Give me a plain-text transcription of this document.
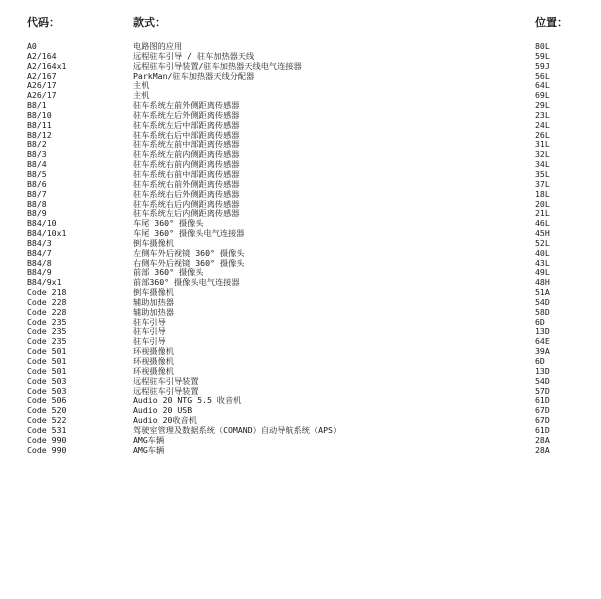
代码：	款式：	位置：
A0	电路图的应用	80L
A2/164	远程驻车引导 / 驻车加热器天线	59L
A2/164x1	远程驻车引导装置/驻车加热器天线电气连接器	59J
A2/167	ParkMan/驻车加热器天线分配器	56L
A26/17	主机	64L
A26/17	主机	69L
B8/1	驻车系统左前外侧距离传感器	29L
B8/10	驻车系统左后外侧距离传感器	23L
B8/11	驻车系统左后中部距离传感器	24L
B8/12	驻车系统右后中部距离传感器	26L
B8/2	驻车系统左前中部距离传感器	31L
B8/3	驻车系统左前内侧距离传感器	32L
B8/4	驻车系统右前内侧距离传感器	34L
B8/5	驻车系统右前中部距离传感器	35L
B8/6	驻车系统右前外侧距离传感器	37L
B8/7	驻车系统右后外侧距离传感器	18L
B8/8	驻车系统右后内侧距离传感器	20L
B8/9	驻车系统左后内侧距离传感器	21L
B84/10	车尾 360° 摄像头	46L
B84/10x1	车尾 360° 摄像头电气连接器	45H
B84/3	倒车摄像机	52L
B84/7	左侧车外后视镜 360° 摄像头	40L
B84/8	右侧车外后视镜 360° 摄像头	43L
B84/9	前部 360° 摄像头	49L
B84/9x1	前部360° 摄像头电气连接器	48H
Code 218	倒车摄像机	51A
Code 228	辅助加热器	54D
Code 228	辅助加热器	58D
Code 235	驻车引导	6D
Code 235	驻车引导	13D
Code 235	驻车引导	64E
Code 501	环视摄像机	39A
Code 501	环视摄像机	6D
Code 501	环视摄像机	13D
Code 503	远程驻车引导装置	54D
Code 503	远程驻车引导装置	57D
Code 506	Audio 20 NTG 5.5 收音机	61D
Code 520	Audio 20 USB	67D
Code 522	Audio 20收音机	67D
Code 531	驾驶室管理及数据系统（COMAND）自动导航系统（APS）	61D
Code 990	AMG车辆	28A
Code 990	AMG车辆	28A
